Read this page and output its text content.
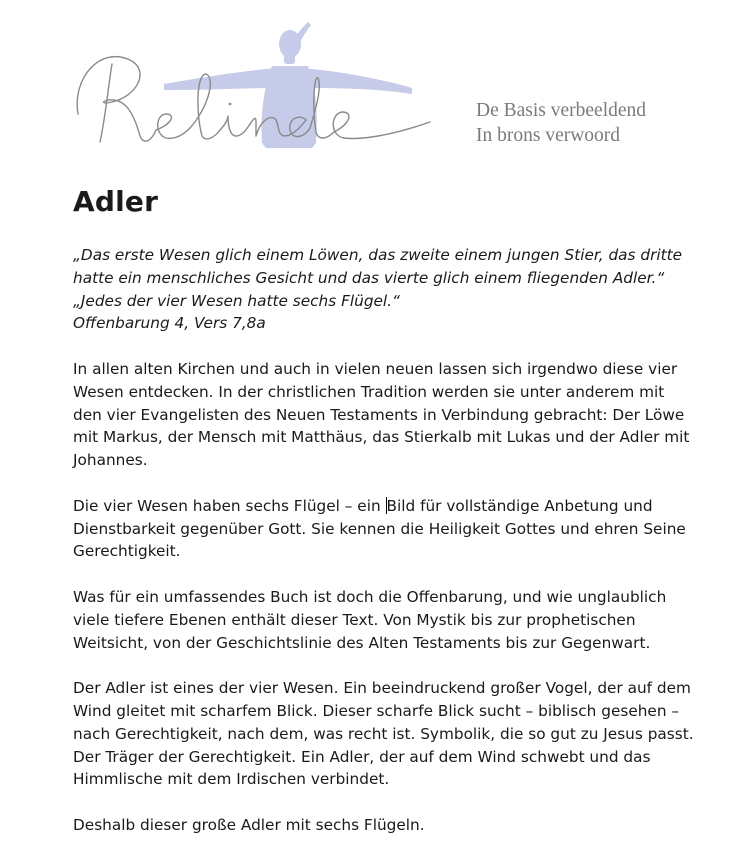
De Basis verbeeldend
In brons verwoord
Adler
„Das erste Wesen glich einem Löwen, das zweite einem jungen Stier, das dritte
hatte ein menschliches Gesicht und das vierte glich einem fliegenden Adler.“
„Jedes der vier Wesen hatte sechs Flügel.“
Offenbarung 4, Vers 7,8a
In allen alten Kirchen und auch in vielen neuen lassen sich irgendwo diese vier
Wesen entdecken. In der christlichen Tradition werden sie unter anderem mit
den vier Evangelisten des Neuen Testaments in Verbindung gebracht: Der Löwe
mit Markus, der Mensch mit Matthäus, das Stierkalb mit Lukas und der Adler mit
Johannes.
Die vier Wesen haben sechs Flügel – ein Bild für vollständige Anbetung und
Dienstbarkeit gegenüber Gott. Sie kennen die Heiligkeit Gottes und ehren Seine
Gerechtigkeit.
Was für ein umfassendes Buch ist doch die Offenbarung, und wie unglaublich
viele tiefere Ebenen enthält dieser Text. Von Mystik bis zur prophetischen
Weitsicht, von der Geschichtslinie des Alten Testaments bis zur Gegenwart.
Der Adler ist eines der vier Wesen. Ein beeindruckend großer Vogel, der auf dem
Wind gleitet mit scharfem Blick. Dieser scharfe Blick sucht – biblisch gesehen –
nach Gerechtigkeit, nach dem, was recht ist. Symbolik, die so gut zu Jesus passt.
Der Träger der Gerechtigkeit. Ein Adler, der auf dem Wind schwebt und das
Himmlische mit dem Irdischen verbindet.
Deshalb dieser große Adler mit sechs Flügeln.
